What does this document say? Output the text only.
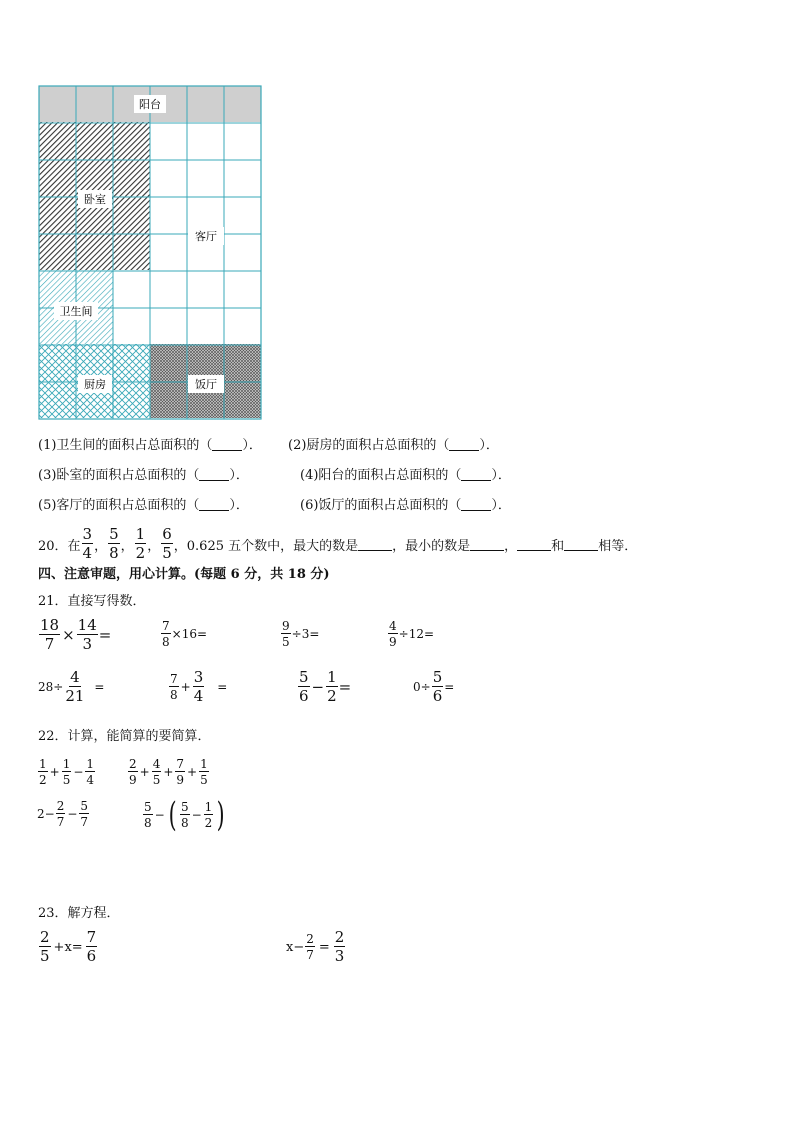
阳台
卧室
客厅
卫生间
厨房	饭厅
(1)卫生间的面积占总面积的（ ）． (2)厨房的面积占总面积的（ ）．
(3)卧室的面积占总面积的（ ）．	(4)阳台的面积占总面积的（ ）．
(5)客厅的面积占总面积的（ ）．	(6)饭厅的面积占总面积的（ ）．
20．在 $\frac{3}{4}$ ， $\frac{5}{8}$ ， $\frac{1}{2}$ ， $\frac{6}{5}$ ，0.625 五个数中，最大的数是	，最小的数是	，	和	相等．
四、注意审题，用心计算。(每题 6 分，共 18 分)
21．直接写得数．
$\frac{18}{7} \times \frac{14}{3}$ =	$\frac{7}{8} \times 16=$	$\frac{9}{5} \div 3=$	$\frac{4}{9} \div 12=$
$28\div \frac{4}{21}$ =	$\frac{7}{8} + \frac{3}{4}$ =	$\frac{5}{6} - \frac{1}{2}$ =	$0\div \frac{5}{6}$ =
22．计算，能简算的要简算．
$\frac{1}{2} + \frac{1}{5} - \frac{1}{4}$	$\frac{2}{9} + \frac{4}{5} + \frac{7}{9} + \frac{1}{5}$
$2- \frac{2}{7} - \frac{5}{7}$	$\frac{5}{8}$ − ( $\frac{5}{8} - \frac{1}{2}$ )
23．解方程．
$\frac{2}{5} +x= \frac{7}{6}$	$x- \frac{2}{7} = \frac{2}{3}$
